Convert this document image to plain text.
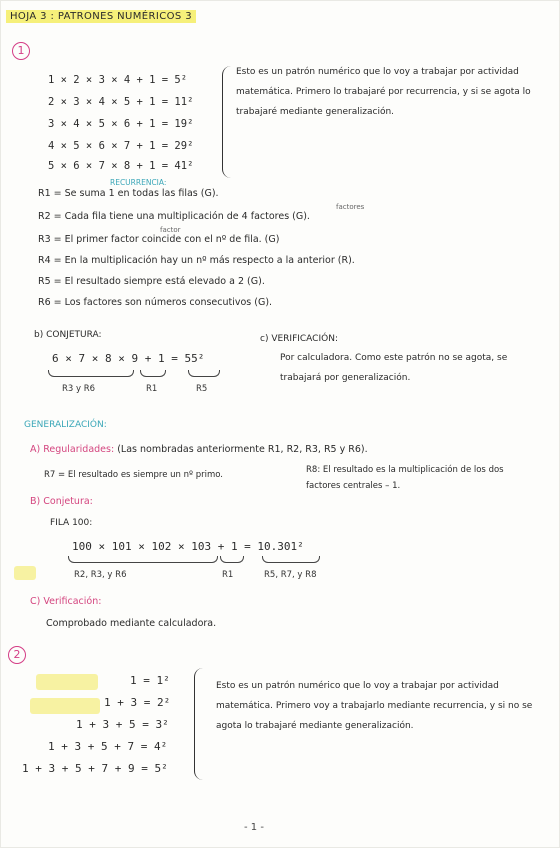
HOJA 3 : PATRONES NUMÉRICOS 3
1
1 × 2 × 3 × 4 + 1 = 5²
2 × 3 × 4 × 5 + 1 = 11²
3 × 4 × 5 × 6 + 1 = 19²
4 × 5 × 6 × 7 + 1 = 29²
5 × 6 × 7 × 8 + 1 = 41²
Esto es un patrón numérico que lo voy a trabajar por actividad matemática. Primero lo trabajaré por recurrencia, y si se agota lo trabajaré mediante generalización.
RECURRENCIA:
factores
factor
R1 = Se suma 1 en todas las filas (G).
R2 = Cada fila tiene una multiplicación de 4 factores (G).
R3 = El primer factor coincide con el nº de fila. (G)
R4 = En la multiplicación hay un nº más respecto a la anterior (R).
R5 = El resultado siempre está elevado a 2 (G).
R6 = Los factores son números consecutivos (G).
b) CONJETURA:
6 × 7 × 8 × 9 + 1 = 55²
R3 y R6	R1	R5
c) VERIFICACIÓN:
Por calculadora. Como este patrón no se agota, se trabajará por generalización.
GENERALIZACIÓN:
A) Regularidades: (Las nombradas anteriormente R1, R2, R3, R5 y R6).
R7 = El resultado es siempre un nº primo.	R8: El resultado es la multiplicación de los dos factores centrales – 1.
B) Conjetura:
FILA 100:
100 × 101 × 102 × 103 + 1 = 10.301²
R2, R3, y R6	R1	R5, R7, y R8
C) Verificación:
Comprobado mediante calculadora.
2
1 = 1²
1 + 3 = 2²
1 + 3 + 5 = 3²
1 + 3 + 5 + 7 = 4²
1 + 3 + 5 + 7 + 9 = 5²
Esto es un patrón numérico que lo voy a trabajar por actividad matemática. Primero voy a trabajarlo mediante recurrencia, y si no se agota lo trabajaré mediante generalización.
- 1 -
